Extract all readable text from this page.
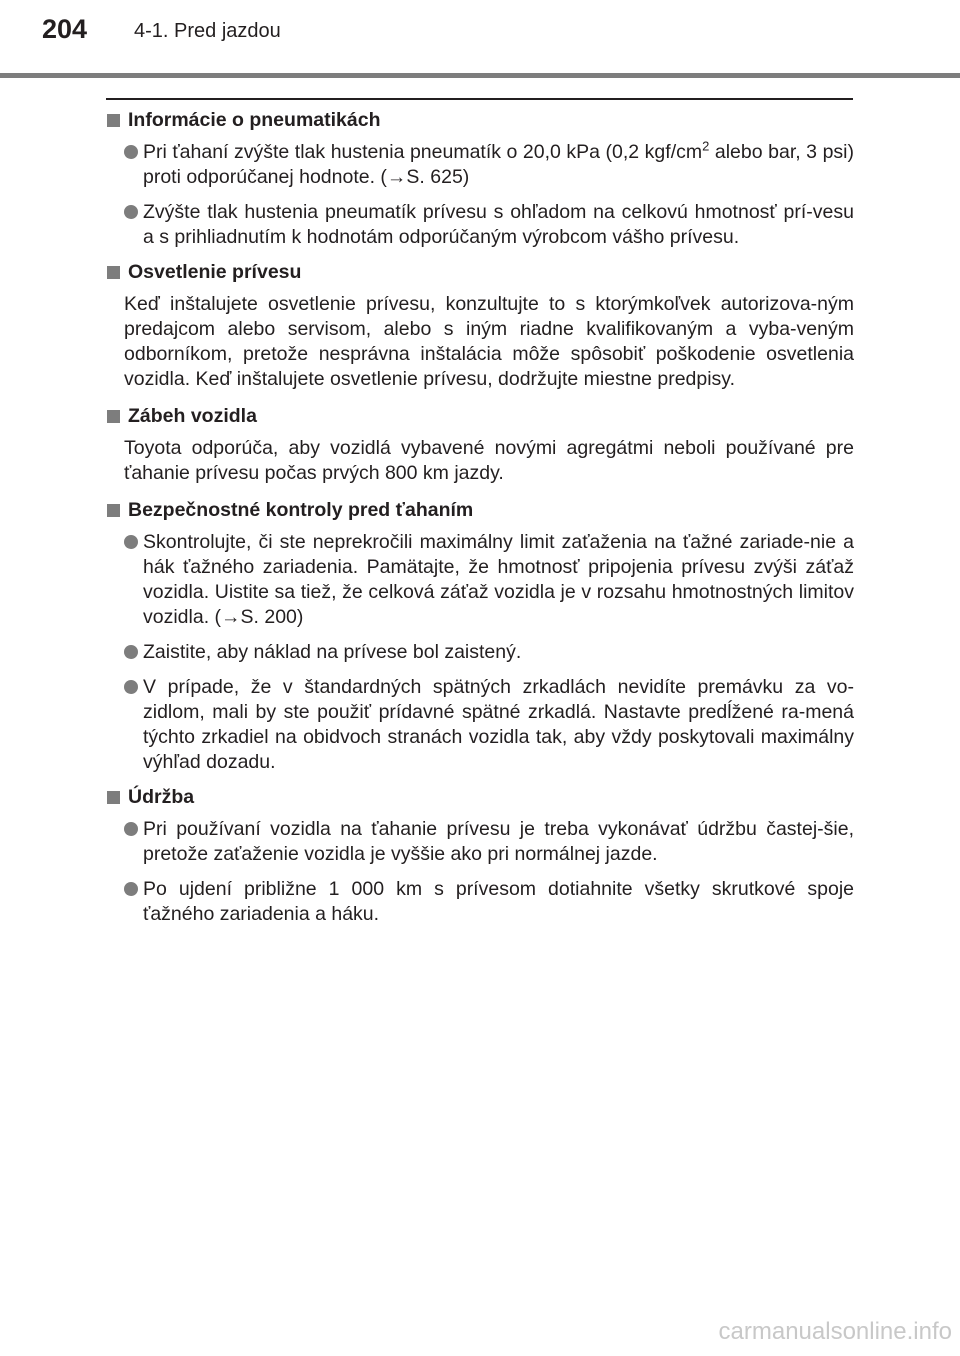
204 4-1. Pred jazdou
Informácie o pneumatikách
Pri ťahaní zvýšte tlak hustenia pneumatík o 20,0 kPa (0,2 kgf/$cm^2$ alebo bar, 3 psi) proti odporúčanej hodnote. (→S. 625)
Zvýšte tlak hustenia pneumatík prívesu s ohľadom na celkovú hmotnosť prí-vesu a s prihliadnutím k hodnotám odporúčaným výrobcom vášho prívesu.
Osvetlenie prívesu
Keď inštalujete osvetlenie prívesu, konzultujte to s ktorýmkoľvek autorizova-ným predajcom alebo servisom, alebo s iným riadne kvalifikovaným a vyba-veným odborníkom, pretože nesprávna inštalácia môže spôsobiť poškodenie osvetlenia vozidla. Keď inštalujete osvetlenie prívesu, dodržujte miestne predpisy.
Zábeh vozidla
Toyota odporúča, aby vozidlá vybavené novými agregátmi neboli používané pre ťahanie prívesu počas prvých 800 km jazdy.
Bezpečnostné kontroly pred ťahaním
Skontrolujte, či ste neprekročili maximálny limit zaťaženia na ťažné zariade-nie a hák ťažného zariadenia. Pamätajte, že hmotnosť pripojenia prívesu zvýši záťaž vozidla. Uistite sa tiež, že celková záťaž vozidla je v rozsahu hmotnostných limitov vozidla. (→S. 200)
Zaistite, aby náklad na prívese bol zaistený.
V prípade, že v štandardných spätných zrkadlách nevidíte premávku za vo-zidlom, mali by ste použiť prídavné spätné zrkadlá. Nastavte predĺžené ra-mená týchto zrkadiel na obidvoch stranách vozidla tak, aby vždy poskytovali maximálny výhľad dozadu.
Údržba
Pri používaní vozidla na ťahanie prívesu je treba vykonávať údržbu častej-šie, pretože zaťaženie vozidla je vyššie ako pri normálnej jazde.
Po ujdení približne 1 000 km s prívesom dotiahnite všetky skrutkové spoje ťažného zariadenia a háku.
carmanualsonline.info
